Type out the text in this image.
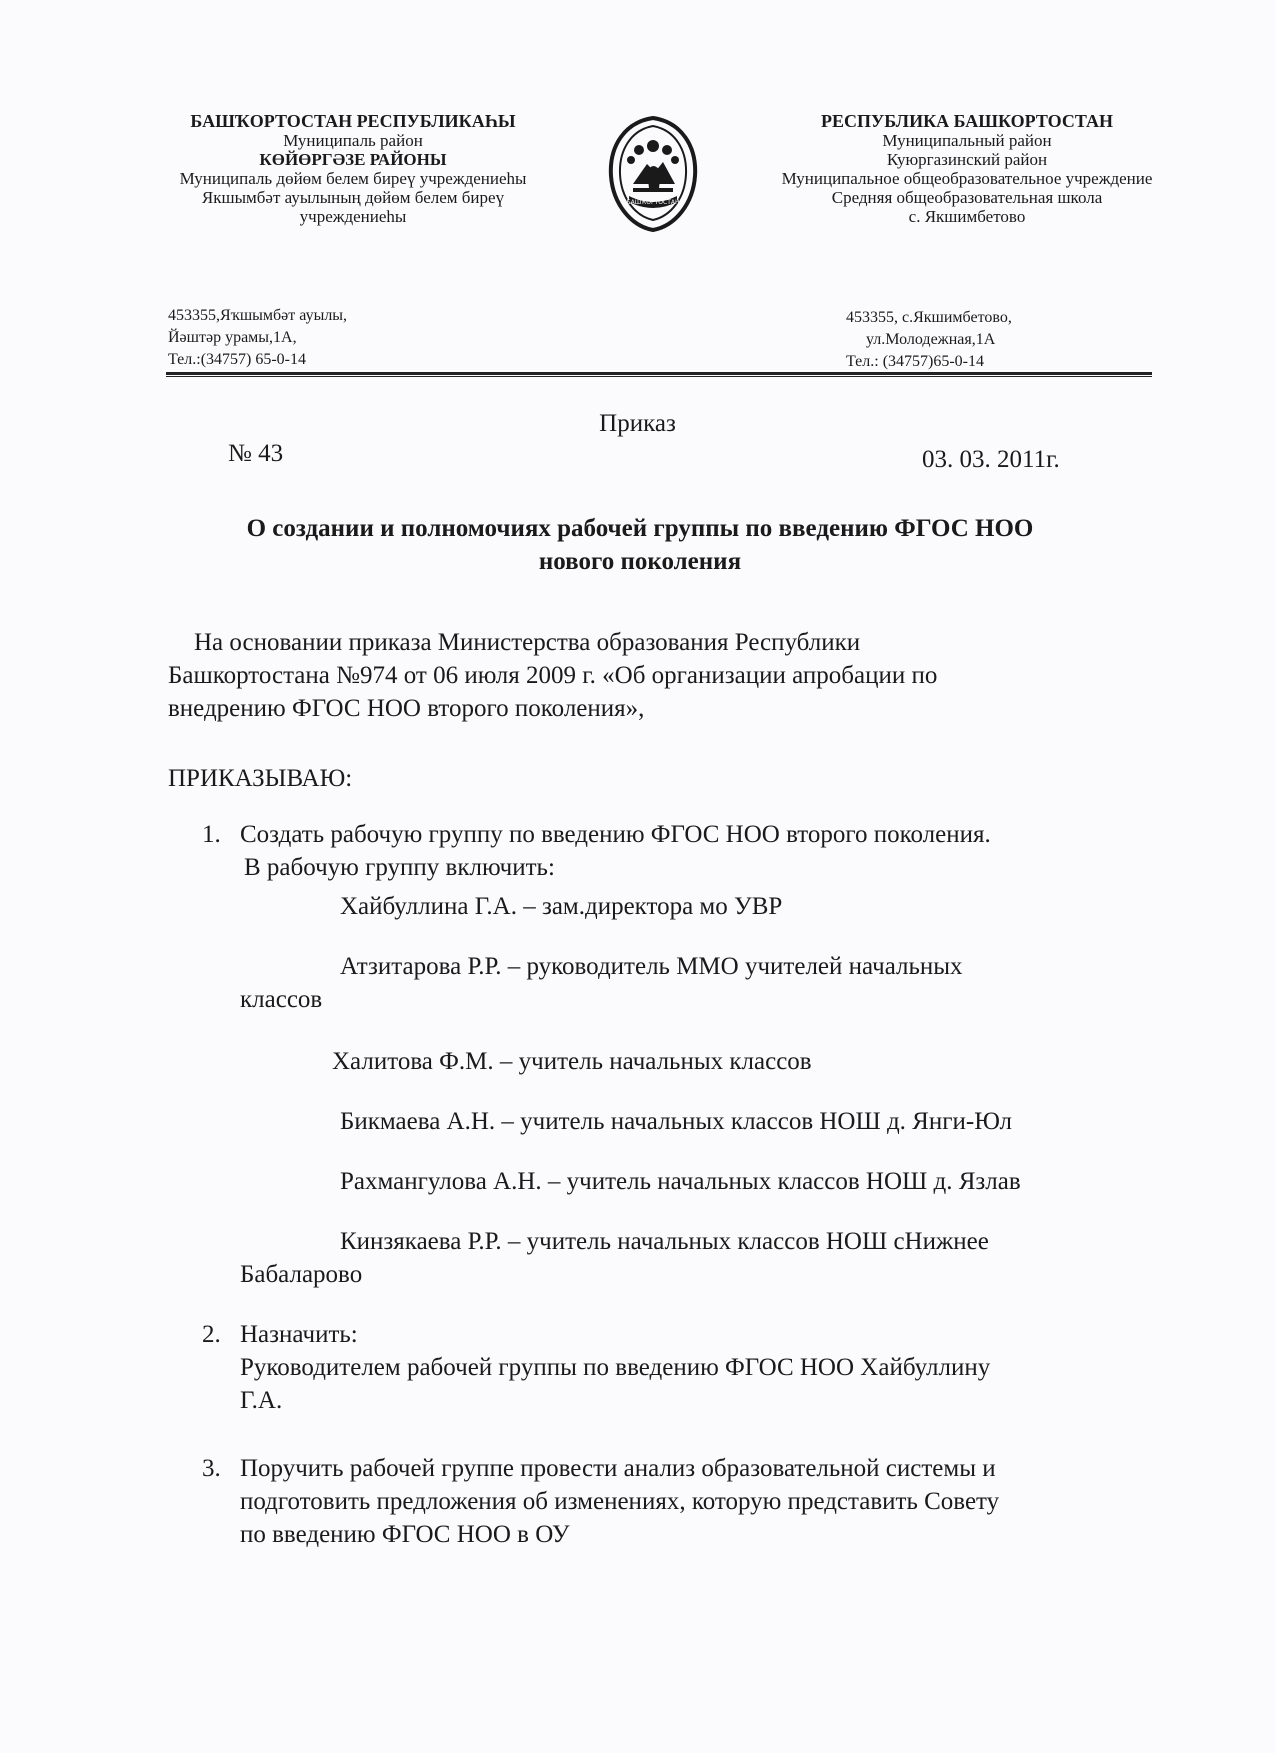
БАШҠОРТОСТАН РЕСПУБЛИКАҺЫ
Муниципаль район
КӨЙӨРГӘЗЕ РАЙОНЫ
Муниципаль дөйөм белем биреү учреждениеһы
Якшымбәт ауылының дөйөм белем биреү
учреждениеһы
БАШҠОРТОСТАН
РЕСПУБЛИКА БАШКОРТОСТАН
Муниципальный район
Куюргазинский район
Муниципальное общеобразовательное учреждение
Средняя общеобразовательная школа
с. Якшимбетово
453355,Яҡшымбәт ауылы,
Йәштәр урамы,1А,
Тел.:(34757) 65-0-14
453355, с.Якшимбетово,
ул.Молодежная,1А
Тел.: (34757)65-0-14
Приказ
№ 43	03. 03. 2011г.
О создании и полномочиях рабочей группы по введению ФГОС НОО
нового поколения
На основании приказа Министерства образования Республики
Башкортостана №974 от 06 июля 2009 г. «Об организации апробации по
внедрению ФГОС НОО второго поколения»,
ПРИКАЗЫВАЮ:
1. Создать рабочую группу по введению ФГОС НОО второго поколения.
В рабочую группу включить:
Хайбуллина Г.А. – зам.директора мо УВР
Атзитарова Р.Р. – руководитель ММО учителей начальных
классов
Халитова Ф.М. – учитель начальных классов
Бикмаева А.Н. – учитель начальных классов НОШ д. Янги-Юл
Рахмангулова А.Н. – учитель начальных классов НОШ д. Язлав
Кинзякаева Р.Р. – учитель начальных классов НОШ сНижнее
Бабаларово
2. Назначить:
Руководителем рабочей группы по введению ФГОС НОО Хайбуллину
Г.А.
3. Поручить рабочей группе провести анализ образовательной системы и
подготовить предложения об изменениях, которую представить Совету
по введению ФГОС НОО в ОУ
